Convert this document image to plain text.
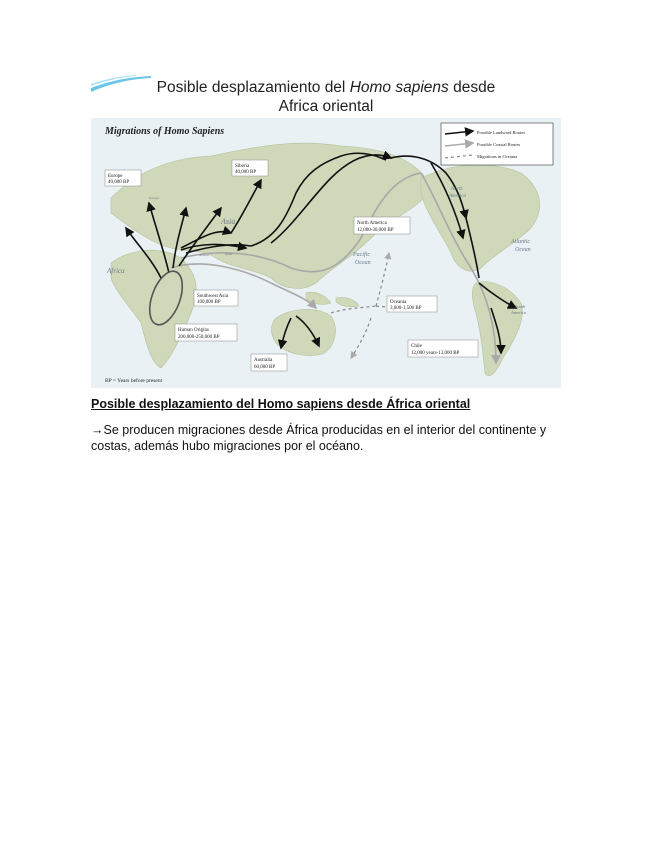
Posible desplazamiento del Homo sapiens desde
Africa oriental
Migrations of Homo Sapiens	Possible Landward Routes
Possible Coastal Routes
Migrations in Oceania
Europe
40,000 BP
Siberia
40,000 BP
North America
12,000-30,000 BP
Southwest Asia
100,000 BP	Oceania
3,600-1,500 BP
Human Origins
200,000-250,000 BP
Australia
60,000 BP
Chile
12,000 years-13,000 BP
Africa
Asia
Europe
Arabia	India	Pacific
Ocean
North
America
Atlantic
Ocean
South
America
BP = Years before present
Posible desplazamiento del Homo sapiens desde África oriental
→Se producen migraciones desde África producidas en el interior del continente y costas, además hubo migraciones por el océano.
